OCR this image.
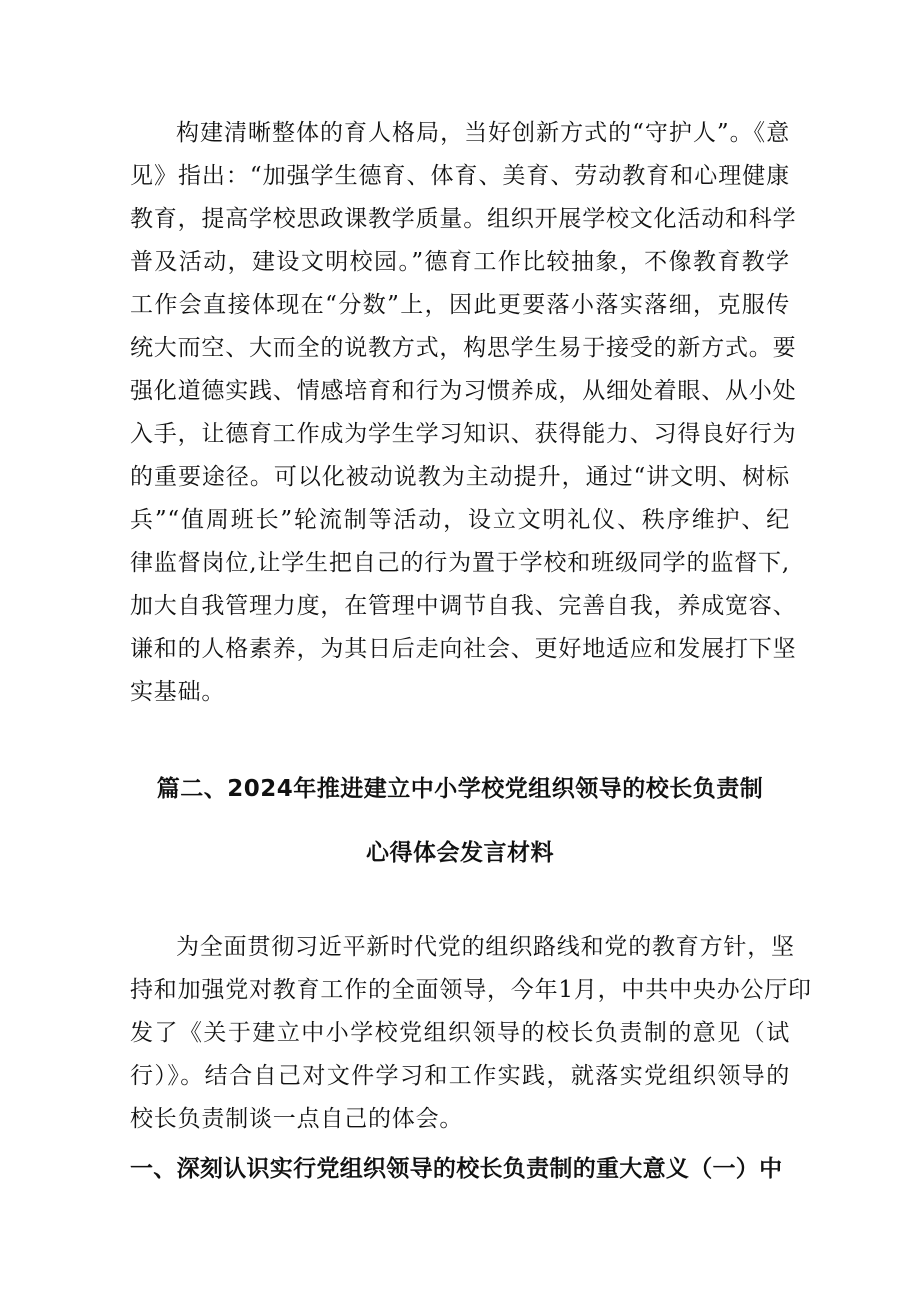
构建清晰整体的育人格局，当好创新方式的“守护人”。《意
见》指出：“加强学生德育、体育、美育、劳动教育和心理健康
教育，提高学校思政课教学质量。组织开展学校文化活动和科学
普及活动，建设文明校园。”德育工作比较抽象，不像教育教学
工作会直接体现在“分数”上，因此更要落小落实落细，克服传
统大而空、大而全的说教方式，构思学生易于接受的新方式。要
强化道德实践、情感培育和行为习惯养成，从细处着眼、从小处
入手，让德育工作成为学生学习知识、获得能力、习得良好行为
的重要途径。可以化被动说教为主动提升，通过“讲文明、树标
兵”“值周班长”轮流制等活动，设立文明礼仪、秩序维护、纪
律监督岗位,让学生把自己的行为置于学校和班级同学的监督下,
加大自我管理力度，在管理中调节自我、完善自我，养成宽容、
谦和的人格素养，为其日后走向社会、更好地适应和发展打下坚
实基础。
篇二、2024年推进建立中小学校党组织领导的校长负责制
心得体会发言材料
为全面贯彻习近平新时代党的组织路线和党的教育方针，坚
持和加强党对教育工作的全面领导，今年1月，中共中央办公厅印
发了《关于建立中小学校党组织领导的校长负责制的意见（试
行）》。结合自己对文件学习和工作实践，就落实党组织领导的
校长负责制谈一点自己的体会。
一、深刻认识实行党组织领导的校长负责制的重大意义（一）中
